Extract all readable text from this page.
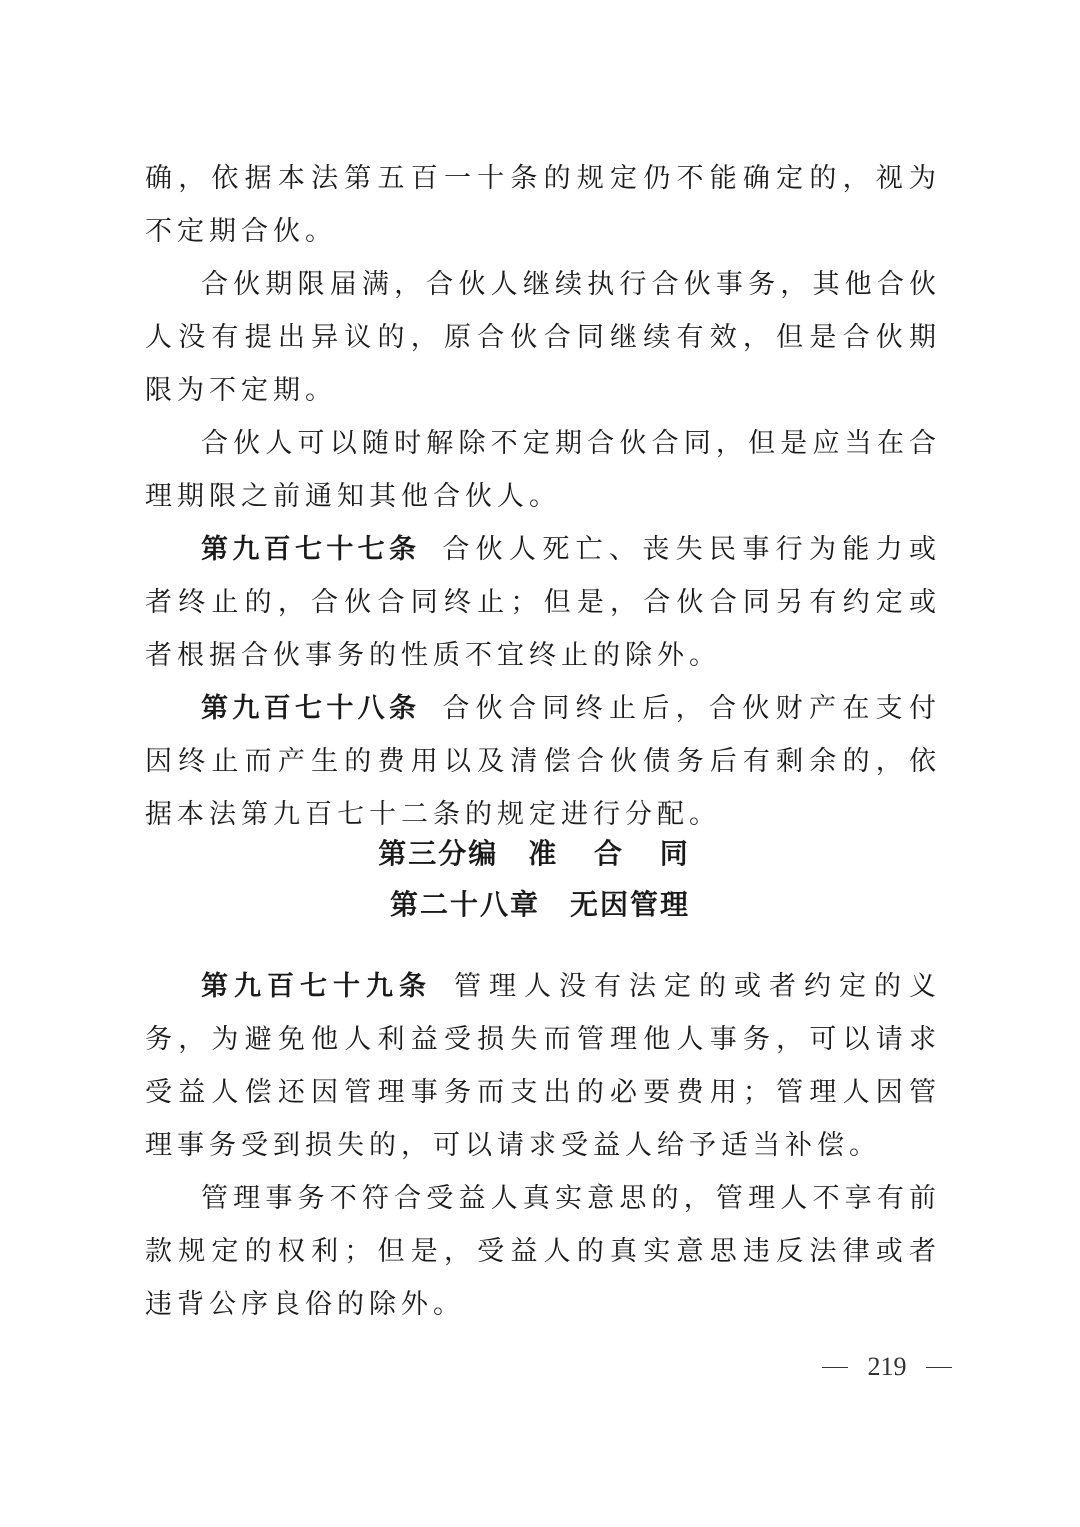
确，依据本法第五百一十条的规定仍不能确定的，视为不定期合伙。

合伙期限届满，合伙人继续执行合伙事务，其他合伙人没有提出异议的，原合伙合同继续有效，但是合伙期限为不定期。

合伙人可以随时解除不定期合伙合同，但是应当在合理期限之前通知其他合伙人。

第九百七十七条 合伙人死亡、丧失民事行为能力或者终止的，合伙合同终止；但是，合伙合同另有约定或者根据合伙事务的性质不宜终止的除外。

第九百七十八条 合伙合同终止后，合伙财产在支付因终止而产生的费用以及清偿合伙债务后有剩余的，依据本法第九百七十二条的规定进行分配。

第三分编 准 合 同
第二十八章 无因管理

第九百七十九条 管理人没有法定的或者约定的义务，为避免他人利益受损失而管理他人事务，可以请求受益人偿还因管理事务而支出的必要费用；管理人因管理事务受到损失的，可以请求受益人给予适当补偿。

管理事务不符合受益人真实意思的，管理人不享有前款规定的权利；但是，受益人的真实意思违反法律或者违背公序良俗的除外。

219
